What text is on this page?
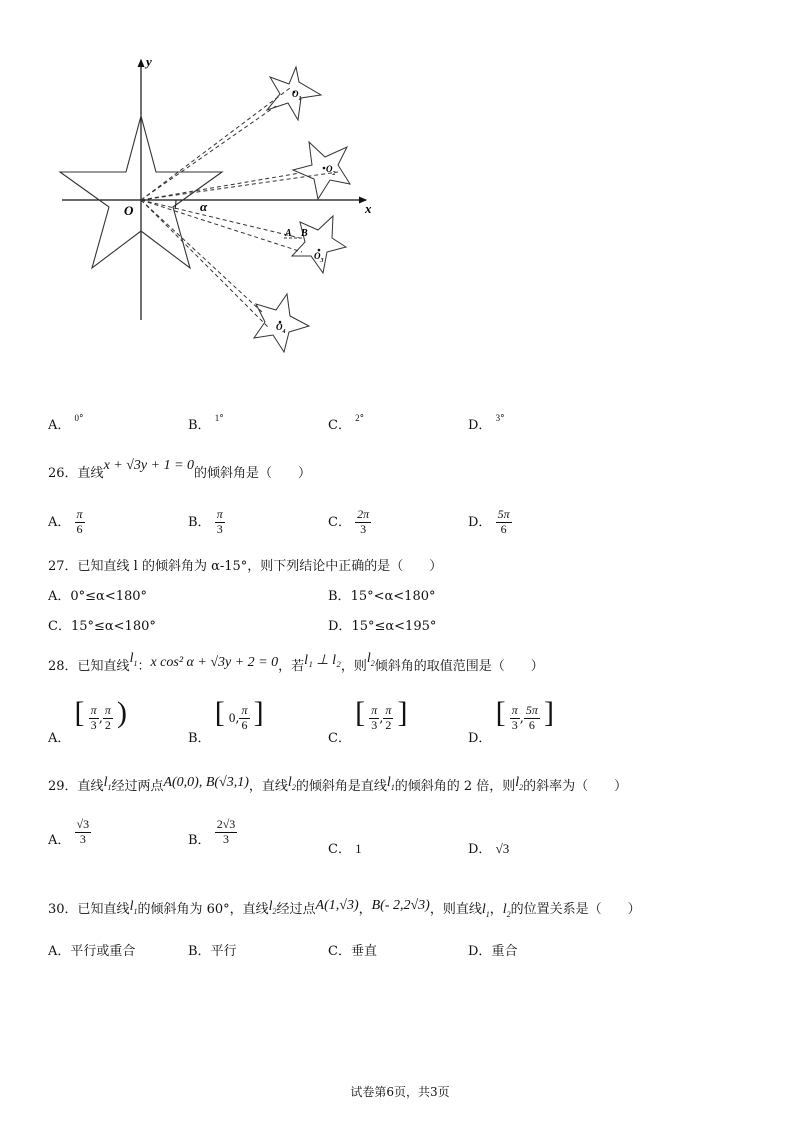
x
y
O	α
A B
$O_1$
$O_2$
$O_3$
$O_4$
A． 0°	B． 1°	C． 2°	D． 3°
26．直线x + √3y + 1 = 0的倾斜角是（　　）
A． $\frac{\pi}{6}$	B． $\frac{\pi}{3}$	C． $\frac{2\pi}{3}$	D． $\frac{5\pi}{6}$
27．已知直线 l 的倾斜角为 α-15°，则下列结论中正确的是（　　）
A．0°≤α<180°	B．15°<α<180°
C．15°≤α<180°	D．15°≤α<195°
28．已知直线$l_1$：x cos² α + √3y + 2 = 0，若l₁ ⊥ l₂，则$l_2$倾斜角的取值范围是（　　）
A． [ $\frac{\pi}{3}$ , $\frac{\pi}{2}$ )
B． [ 0, $\frac{\pi}{6}$ ]
C． [ $\frac{\pi}{3}$ , $\frac{\pi}{2}$ ]
D． [ $\frac{\pi}{3}$ , $\frac{5\pi}{6}$ ]
29．直线$l_1$经过两点A(0,0), B(√3,1)，直线$l_2$的倾斜角是直线$l_1$的倾斜角的 2 倍，则$l_2$的斜率为（　　）
A． $\frac{√3}{3}$	B． $\frac{2√3}{3}$
C． 1	D． √3
30．已知直线$l_1$的倾斜角为 60°，直线$l_2$经过点A(1,√3)，B(- 2,2√3)，则直线$l_1$，$l_2$的位置关系是（　　）
A．平行或重合	B．平行	C．垂直	D．重合
试卷第6页，共3页
